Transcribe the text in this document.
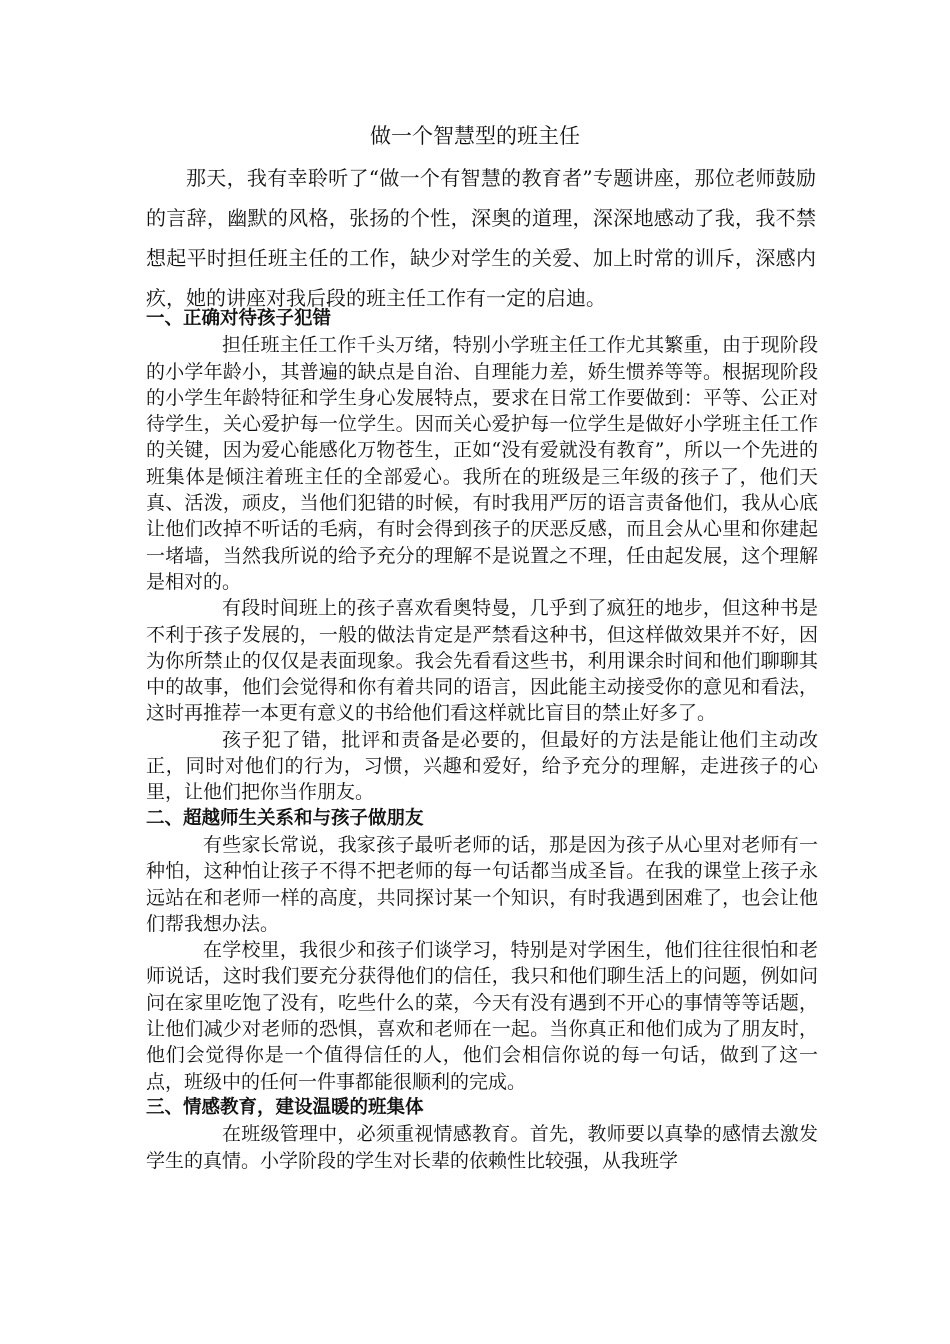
做一个智慧型的班主任

那天，我有幸聆听了“做一个有智慧的教育者”专题讲座，那位老师鼓励的言辞，幽默的风格，张扬的个性，深奥的道理，深深地感动了我，我不禁想起平时担任班主任的工作，缺少对学生的关爱、加上时常的训斥，深感内疚，她的讲座对我后段的班主任工作有一定的启迪。

一、正确对待孩子犯错

担任班主任工作千头万绪，特别小学班主任工作尤其繁重，由于现阶段的小学年龄小，其普遍的缺点是自治、自理能力差，娇生惯养等等。根据现阶段的小学生年龄特征和学生身心发展特点，要求在日常工作要做到：平等、公正对待学生，关心爱护每一位学生。因而关心爱护每一位学生是做好小学班主任工作的关键，因为爱心能感化万物苍生，正如“没有爱就没有教育”，所以一个先进的班集体是倾注着班主任的全部爱心。我所在的班级是三年级的孩子了，他们天真、活泼，顽皮，当他们犯错的时候，有时我用严厉的语言责备他们，我从心底让他们改掉不听话的毛病，有时会得到孩子的厌恶反感，而且会从心里和你建起一堵墙，当然我所说的给予充分的理解不是说置之不理，任由起发展，这个理解是相对的。

有段时间班上的孩子喜欢看奥特曼，几乎到了疯狂的地步，但这种书是不利于孩子发展的，一般的做法肯定是严禁看这种书，但这样做效果并不好，因为你所禁止的仅仅是表面现象。我会先看看这些书，利用课余时间和他们聊聊其中的故事，他们会觉得和你有着共同的语言，因此能主动接受你的意见和看法，这时再推荐一本更有意义的书给他们看这样就比盲目的禁止好多了。

孩子犯了错，批评和责备是必要的，但最好的方法是能让他们主动改正，同时对他们的行为，习惯，兴趣和爱好，给予充分的理解，走进孩子的心里，让他们把你当作朋友。

二、超越师生关系和与孩子做朋友

有些家长常说，我家孩子最听老师的话，那是因为孩子从心里对老师有一种怕，这种怕让孩子不得不把老师的每一句话都当成圣旨。在我的课堂上孩子永远站在和老师一样的高度，共同探讨某一个知识，有时我遇到困难了，也会让他们帮我想办法。

在学校里，我很少和孩子们谈学习，特别是对学困生，他们往往很怕和老师说话，这时我们要充分获得他们的信任，我只和他们聊生活上的问题，例如问问在家里吃饱了没有，吃些什么的菜，今天有没有遇到不开心的事情等等话题，让他们减少对老师的恐惧，喜欢和老师在一起。当你真正和他们成为了朋友时，他们会觉得你是一个值得信任的人，他们会相信你说的每一句话，做到了这一点，班级中的任何一件事都能很顺利的完成。

三、情感教育，建设温暖的班集体

在班级管理中，必须重视情感教育。首先，教师要以真挚的感情去激发学生的真情。小学阶段的学生对长辈的依赖性比较强，从我班学
